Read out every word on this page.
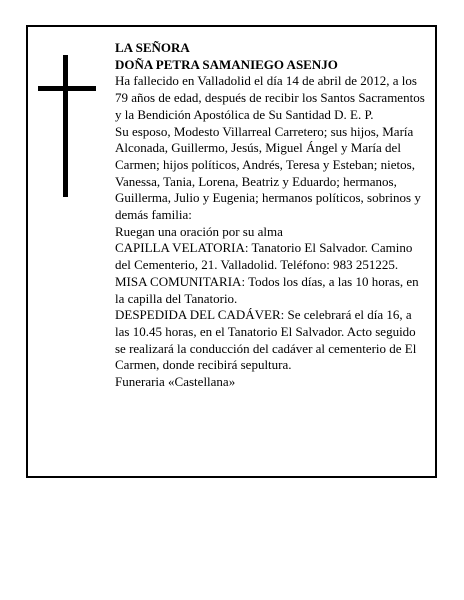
LA SEÑORA

DOÑA PETRA SAMANIEGO ASENJO

Ha fallecido en Valladolid el día 14 de abril de 2012, a los 79 años de edad, después de recibir los Santos Sacramentos y la Bendición Apostólica de Su Santidad D. E. P.

Su esposo, Modesto Villarreal Carretero; sus hijos, María Alconada, Guillermo, Jesús, Miguel Ángel y María del Carmen; hijos políticos, Andrés, Teresa y Esteban; nietos, Vanessa, Tania, Lorena, Beatriz y Eduardo; hermanos, Guillerma, Julio y Eugenia; hermanos políticos, sobrinos y demás familia:

Ruegan una oración por su alma

CAPILLA VELATORIA: Tanatorio El Salvador. Camino del Cementerio, 21. Valladolid. Teléfono: 983 251225.

MISA COMUNITARIA: Todos los días, a las 10 horas, en la capilla del Tanatorio.

DESPEDIDA DEL CADÁVER: Se celebrará el día 16, a las 10.45 horas, en el Tanatorio El Salvador. Acto seguido se realizará la conducción del cadáver al cementerio de El Carmen, donde recibirá sepultura.

Funeraria «Castellana»
